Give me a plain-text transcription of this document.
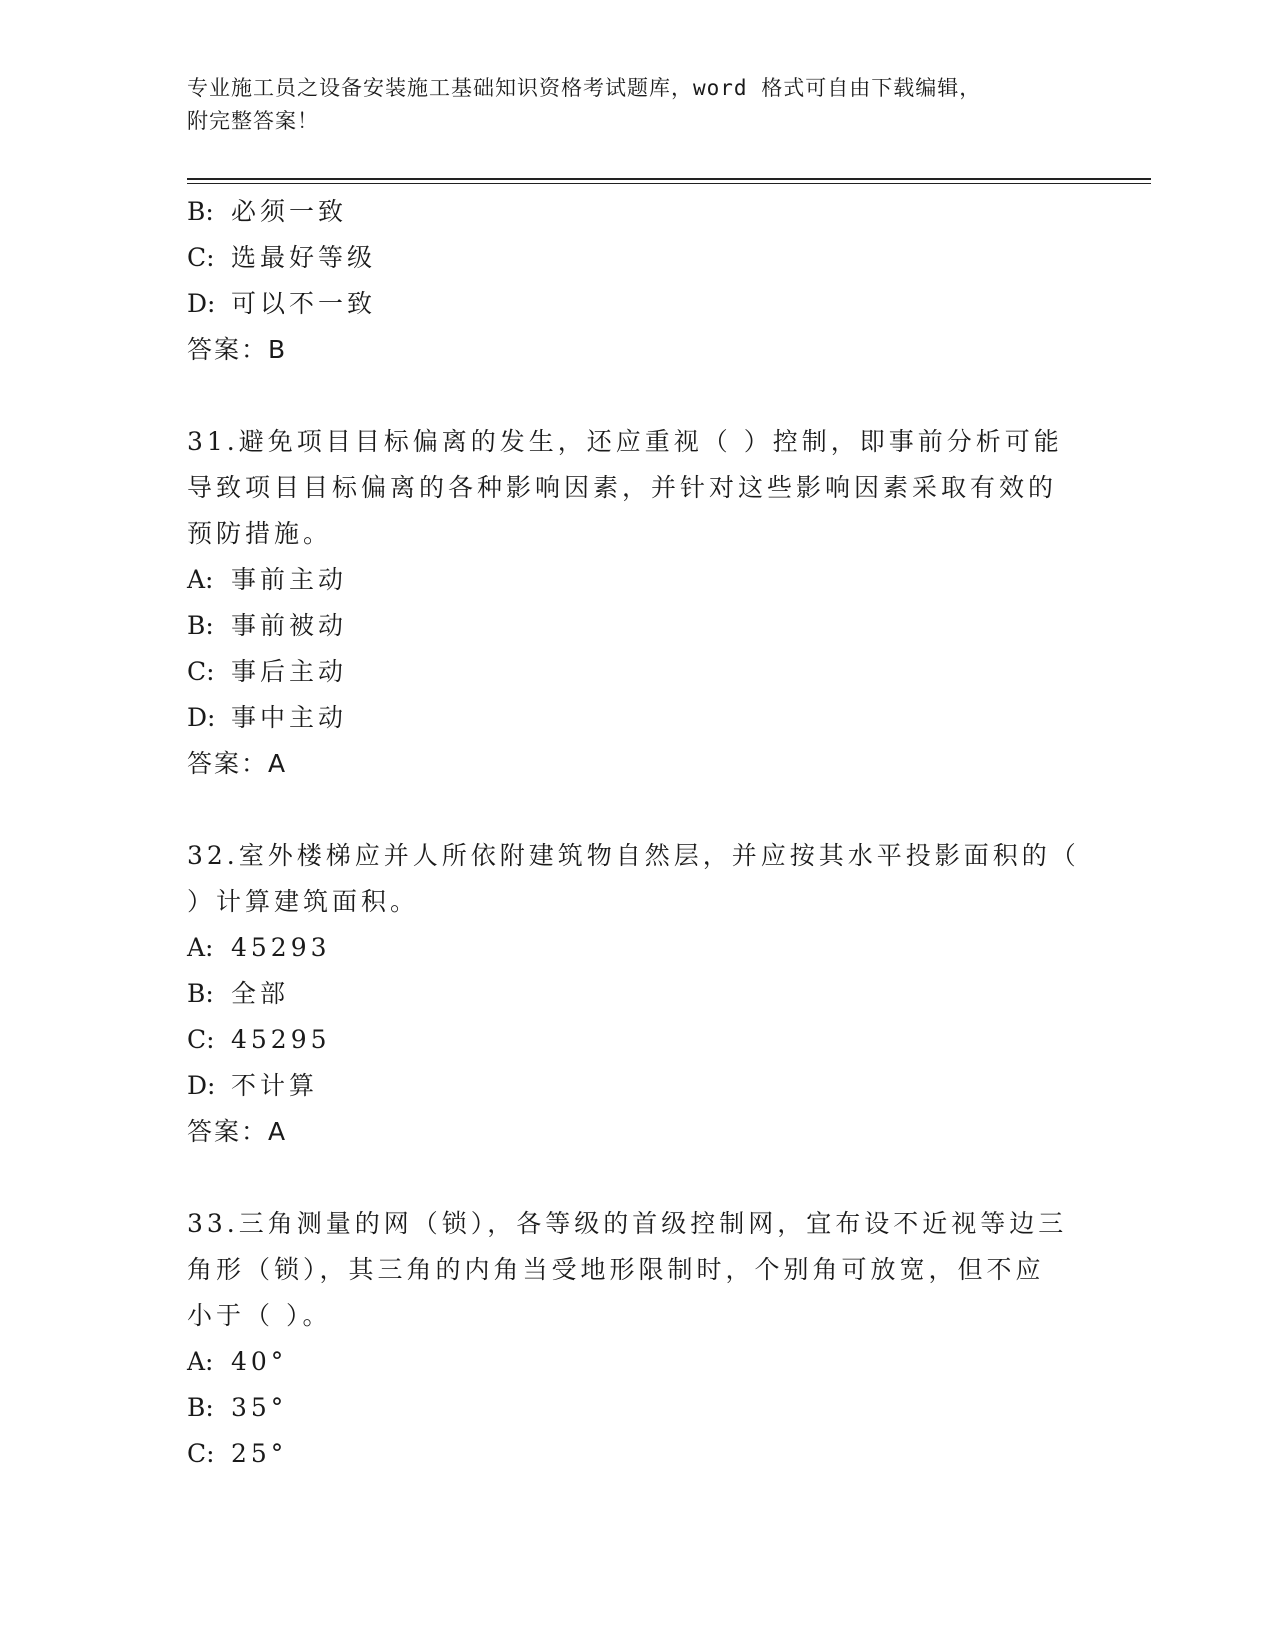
专业施工员之设备安装施工基础知识资格考试题库，word 格式可自由下载编辑，
附完整答案！
B: 必须一致
C: 选最好等级
D: 可以不一致
答案：B
31.避免项目目标偏离的发生，还应重视（ ）控制，即事前分析可能
导致项目目标偏离的各种影响因素，并针对这些影响因素采取有效的
预防措施。
A: 事前主动
B: 事前被动
C: 事后主动
D: 事中主动
答案：A
32.室外楼梯应并人所依附建筑物自然层，并应按其水平投影面积的（
）计算建筑面积。
A: 45293
B: 全部
C: 45295
D: 不计算
答案：A
33.三角测量的网（锁），各等级的首级控制网，宜布设不近视等边三
角形（锁），其三角的内角当受地形限制时，个别角可放宽，但不应
小于（ ）。
A: 40°
B: 35°
C: 25°
